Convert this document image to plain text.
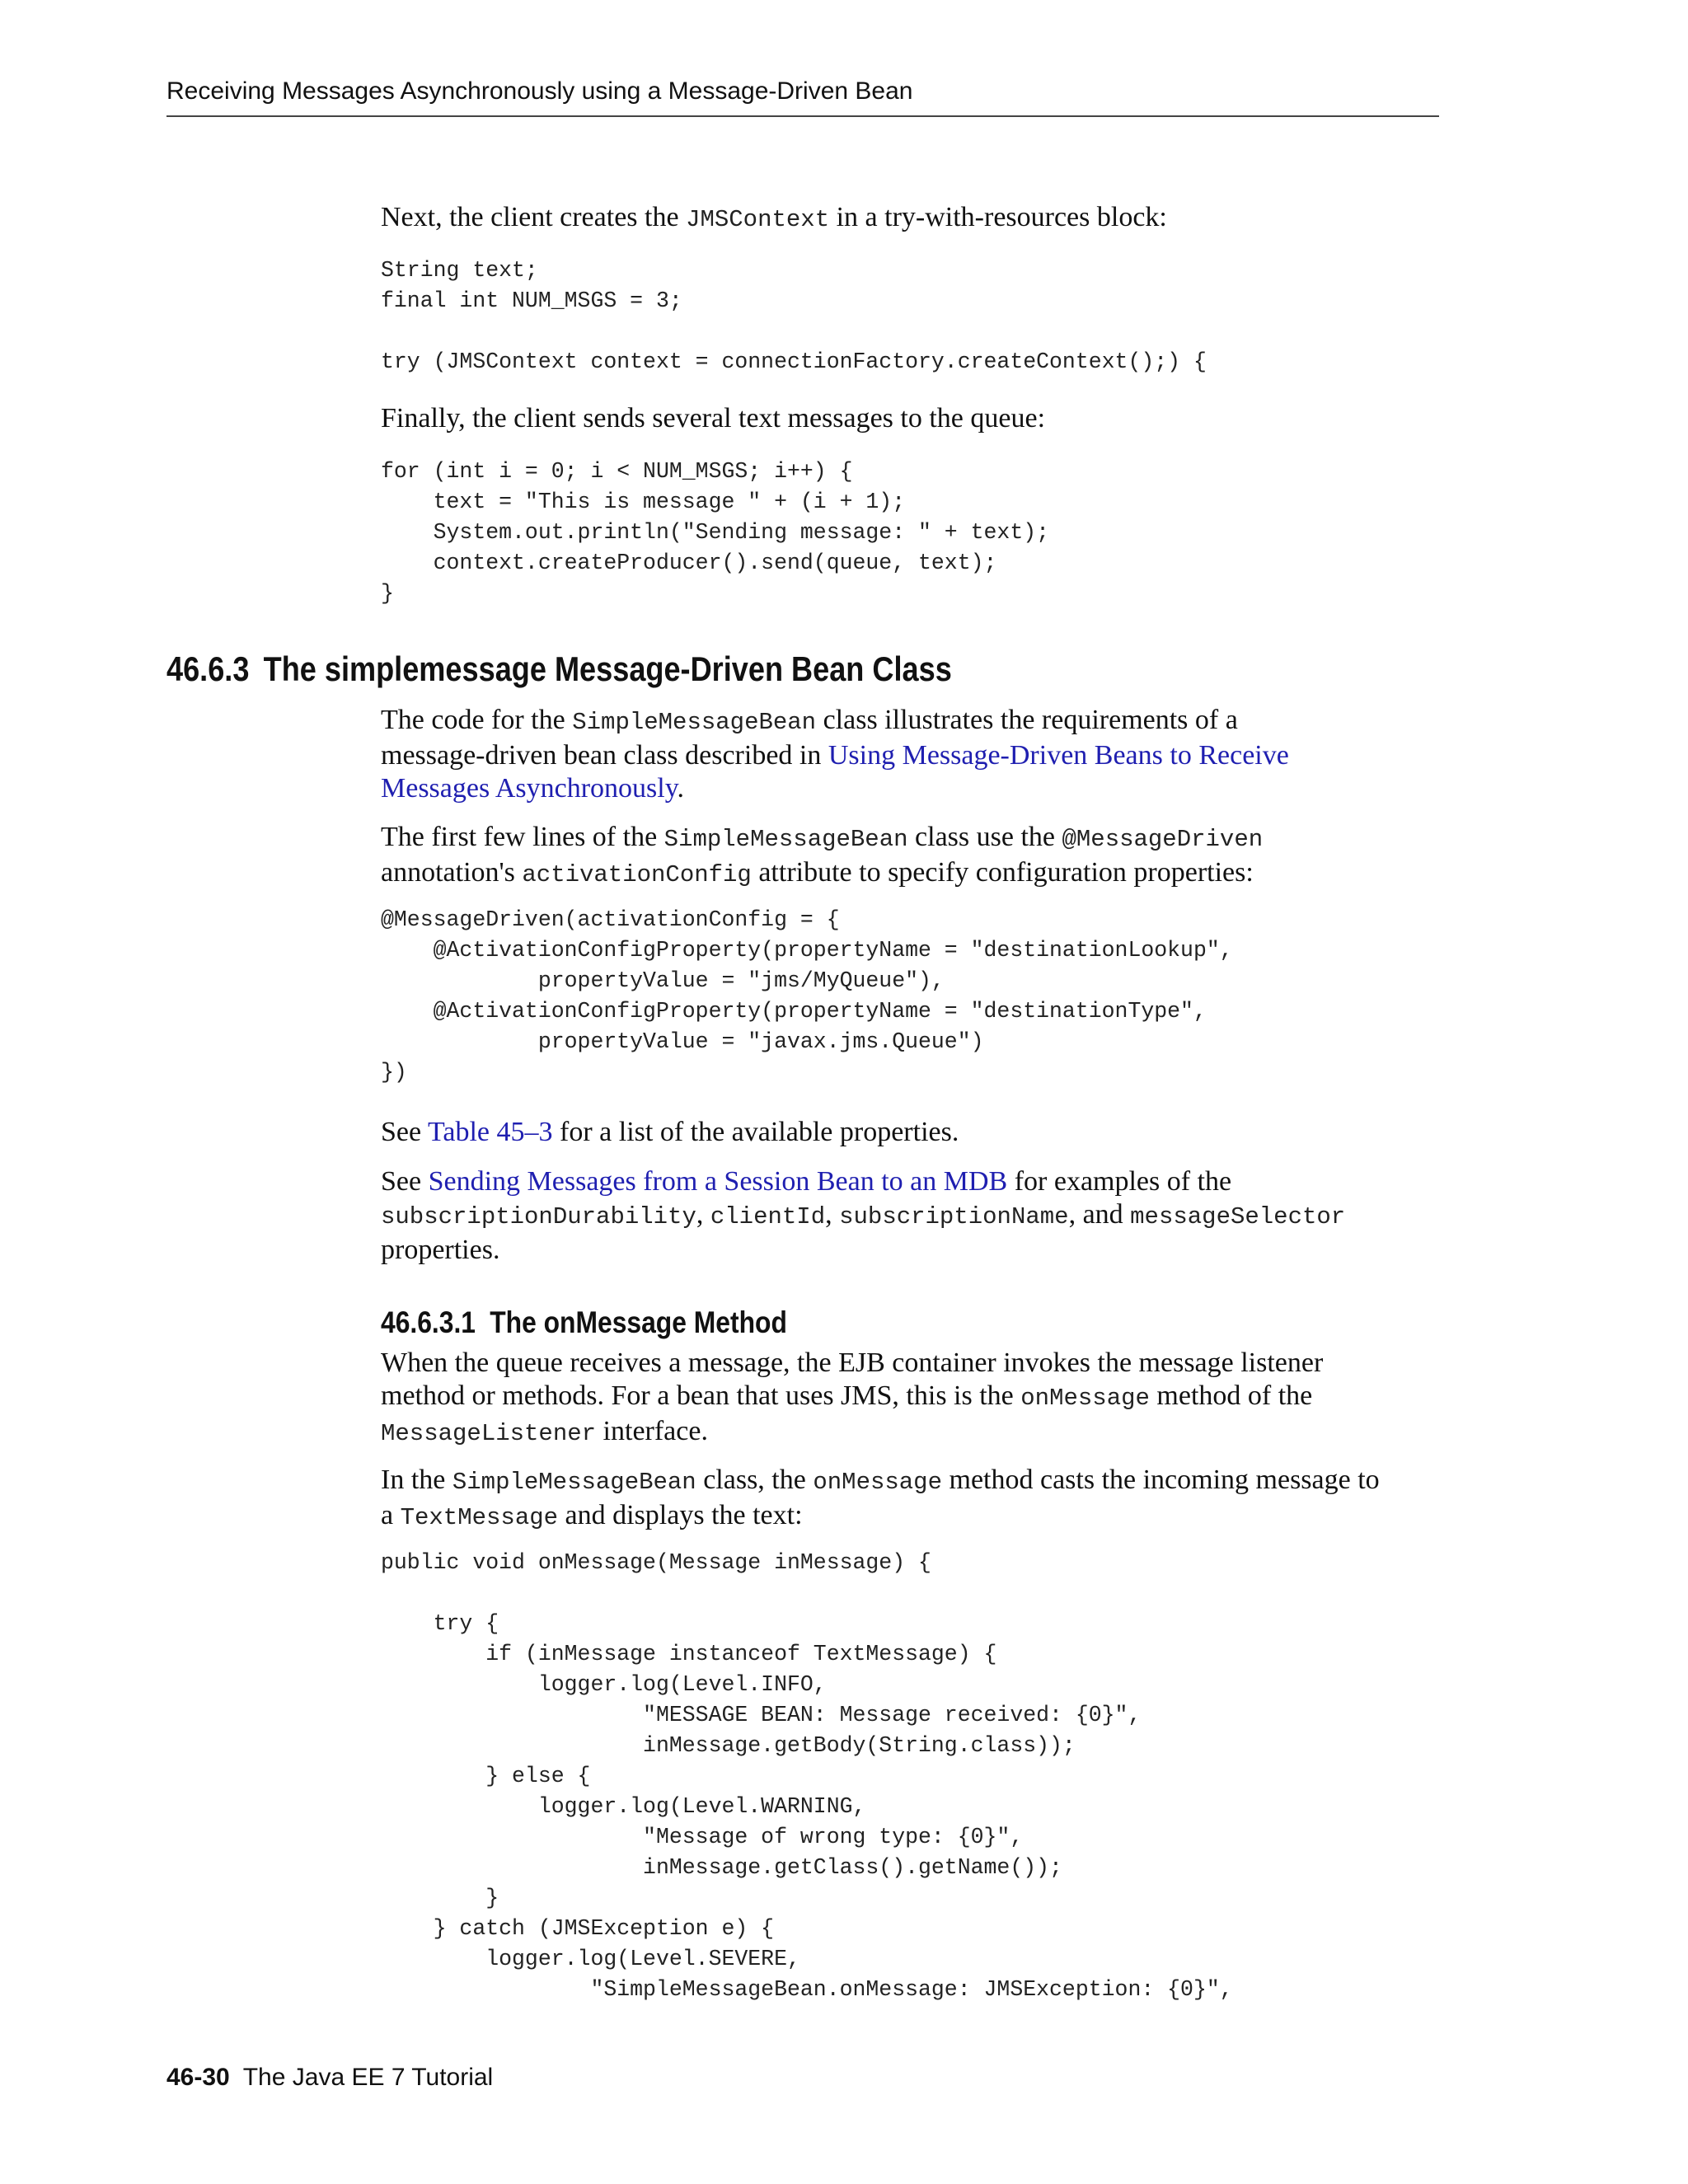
Receiving Messages Asynchronously using a Message-Driven Bean

Next, the client creates the JMSContext in a try-with-resources block:

String text;
final int NUM_MSGS = 3;

try (JMSContext context = connectionFactory.createContext();) {

Finally, the client sends several text messages to the queue:

for (int i = 0; i < NUM_MSGS; i++) {
text = "This is message " + (i + 1);
System.out.println("Sending message: " + text);
context.createProducer().send(queue, text);
}

The code for the SimpleMessageBean class illustrates the requirements of a
message-driven bean class described in Using Message-Driven Beans to Receive
Messages Asynchronously.

The first few lines of the SimpleMessageBean class use the @MessageDriven
annotation's activationConfig attribute to specify configuration properties:

@MessageDriven(activationConfig = {
@ActivationConfigProperty(propertyName = "destinationLookup",
propertyValue = "jms/MyQueue"),
@ActivationConfigProperty(propertyName = "destinationType",
propertyValue = "javax.jms.Queue")
})

See Table 45–3 for a list of the available properties.

See Sending Messages from a Session Bean to an MDB for examples of the
subscriptionDurability, clientId, subscriptionName, and messageSelector
properties.

When the queue receives a message, the EJB container invokes the message listener
method or methods. For a bean that uses JMS, this is the onMessage method of the
MessageListener interface.

In the SimpleMessageBean class, the onMessage method casts the incoming message to
a TextMessage and displays the text:

public void onMessage(Message inMessage) {

try {
if (inMessage instanceof TextMessage) {
logger.log(Level.INFO,
"MESSAGE BEAN: Message received: {0}",
inMessage.getBody(String.class));
} else {
logger.log(Level.WARNING,
"Message of wrong type: {0}",
inMessage.getClass().getName());
}
} catch (JMSException e) {
logger.log(Level.SEVERE,
"SimpleMessageBean.onMessage: JMSException: {0}",
46.6.3 The simplemessage Message-Driven Bean Class
46.6.3.1 The onMessage Method
46-30 The Java EE 7 Tutorial
